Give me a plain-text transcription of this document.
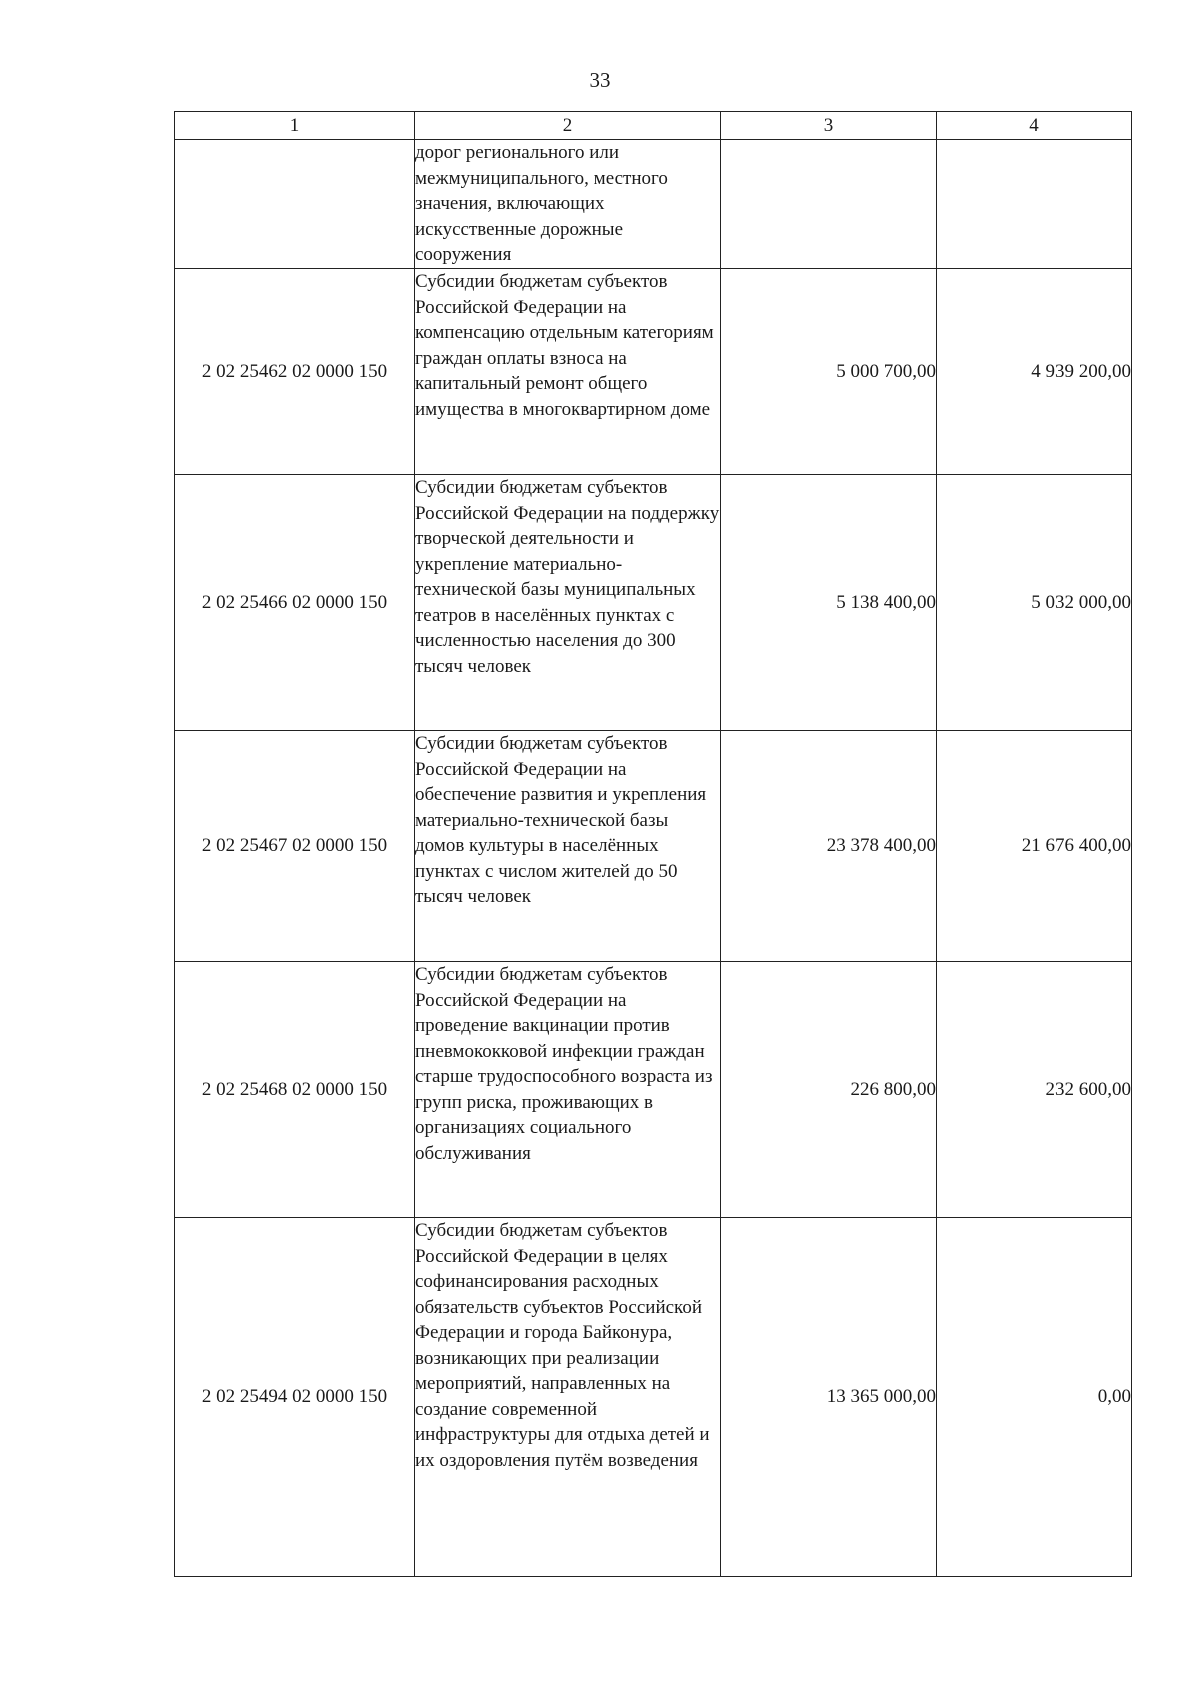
33
1	2	3	4
	дорог регионального или межмуниципального, местного значения, включающих искусственные дорожные сооружения		
2 02 25462 02 0000 150	Субсидии бюджетам субъектов Российской Федерации на компенсацию отдельным категориям граждан оплаты взноса на капитальный ремонт общего имущества в многоквартирном доме	5 000 700,00	4 939 200,00
2 02 25466 02 0000 150	Субсидии бюджетам субъектов Российской Федерации на поддержку творческой деятельности и укрепление материально-технической базы муниципальных театров в населённых пунктах с численностью населения до 300 тысяч человек	5 138 400,00	5 032 000,00
2 02 25467 02 0000 150	Субсидии бюджетам субъектов Российской Федерации на обеспечение развития и укрепления материально-технической базы домов культуры в населённых пунктах с числом жителей до 50 тысяч человек	23 378 400,00	21 676 400,00
2 02 25468 02 0000 150	Субсидии бюджетам субъектов Российской Федерации на проведение вакцинации против пневмококковой инфекции граждан старше трудоспособного возраста из групп риска, проживающих в организациях социального обслуживания	226 800,00	232 600,00
2 02 25494 02 0000 150	Субсидии бюджетам субъектов Российской Федерации в целях софинансирования расходных обязательств субъектов Российской Федерации и города Байконура, возникающих при реализации мероприятий, направленных на создание современной инфраструктуры для отдыха детей и их оздоровления путём возведения	13 365 000,00	0,00
